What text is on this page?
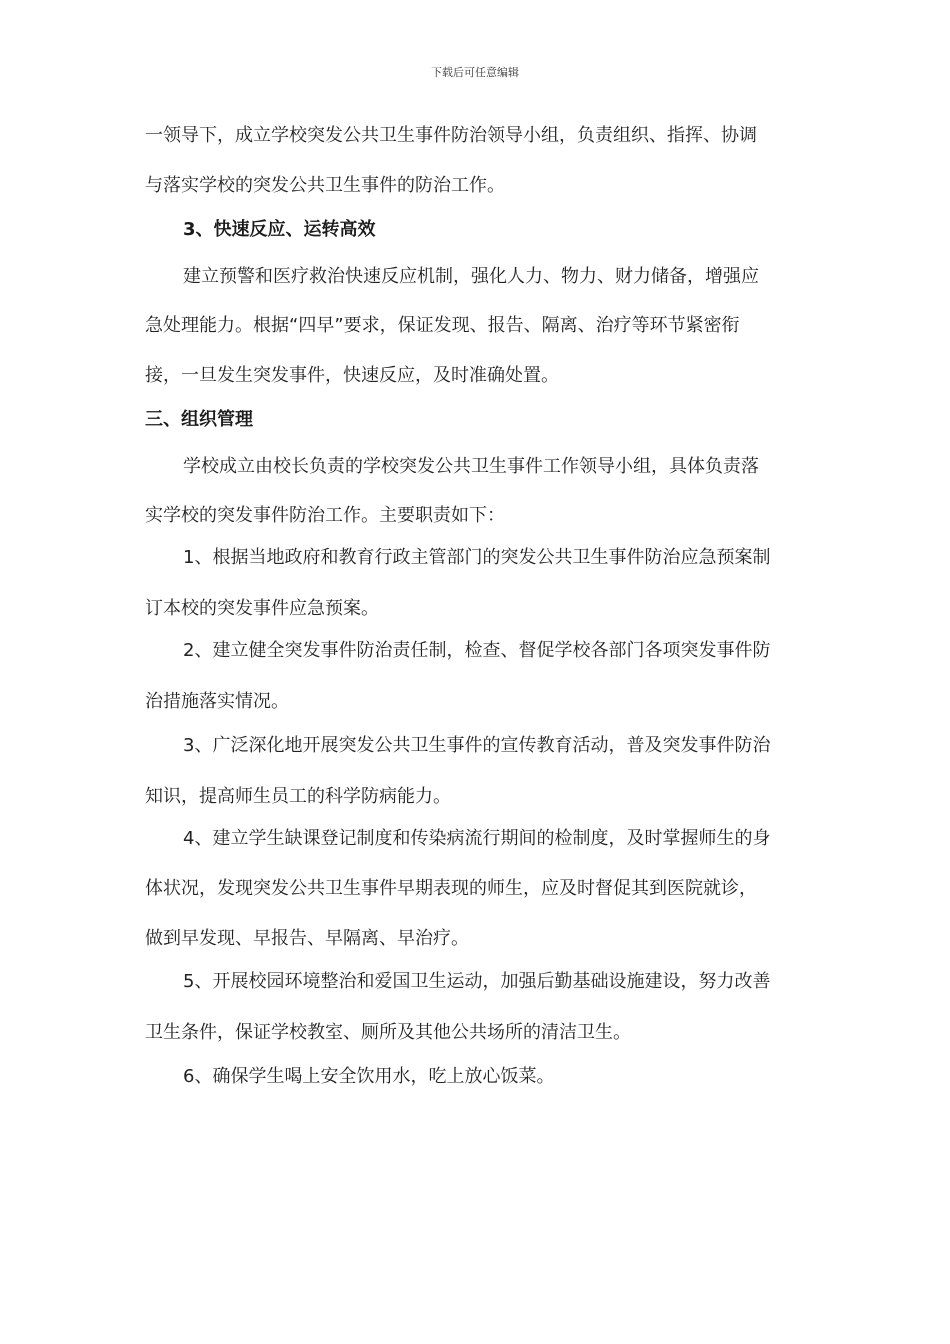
下载后可任意编辑
一领导下，成立学校突发公共卫生事件防治领导小组，负责组织、指挥、协调
与落实学校的突发公共卫生事件的防治工作。
3、快速反应、运转高效
建立预警和医疗救治快速反应机制，强化人力、物力、财力储备，增强应
急处理能力。根据“四早”要求，保证发现、报告、隔离、治疗等环节紧密衔
接，一旦发生突发事件，快速反应，及时准确处置。
三、组织管理
学校成立由校长负责的学校突发公共卫生事件工作领导小组，具体负责落
实学校的突发事件防治工作。主要职责如下：
1、根据当地政府和教育行政主管部门的突发公共卫生事件防治应急预案制
订本校的突发事件应急预案。
2、建立健全突发事件防治责任制，检查、督促学校各部门各项突发事件防
治措施落实情况。
3、广泛深化地开展突发公共卫生事件的宣传教育活动，普及突发事件防治
知识，提高师生员工的科学防病能力。
4、建立学生缺课登记制度和传染病流行期间的检制度，及时掌握师生的身
体状况，发现突发公共卫生事件早期表现的师生，应及时督促其到医院就诊，
做到早发现、早报告、早隔离、早治疗。
5、开展校园环境整治和爱国卫生运动，加强后勤基础设施建设，努力改善
卫生条件，保证学校教室、厕所及其他公共场所的清洁卫生。
6、确保学生喝上安全饮用水，吃上放心饭菜。
